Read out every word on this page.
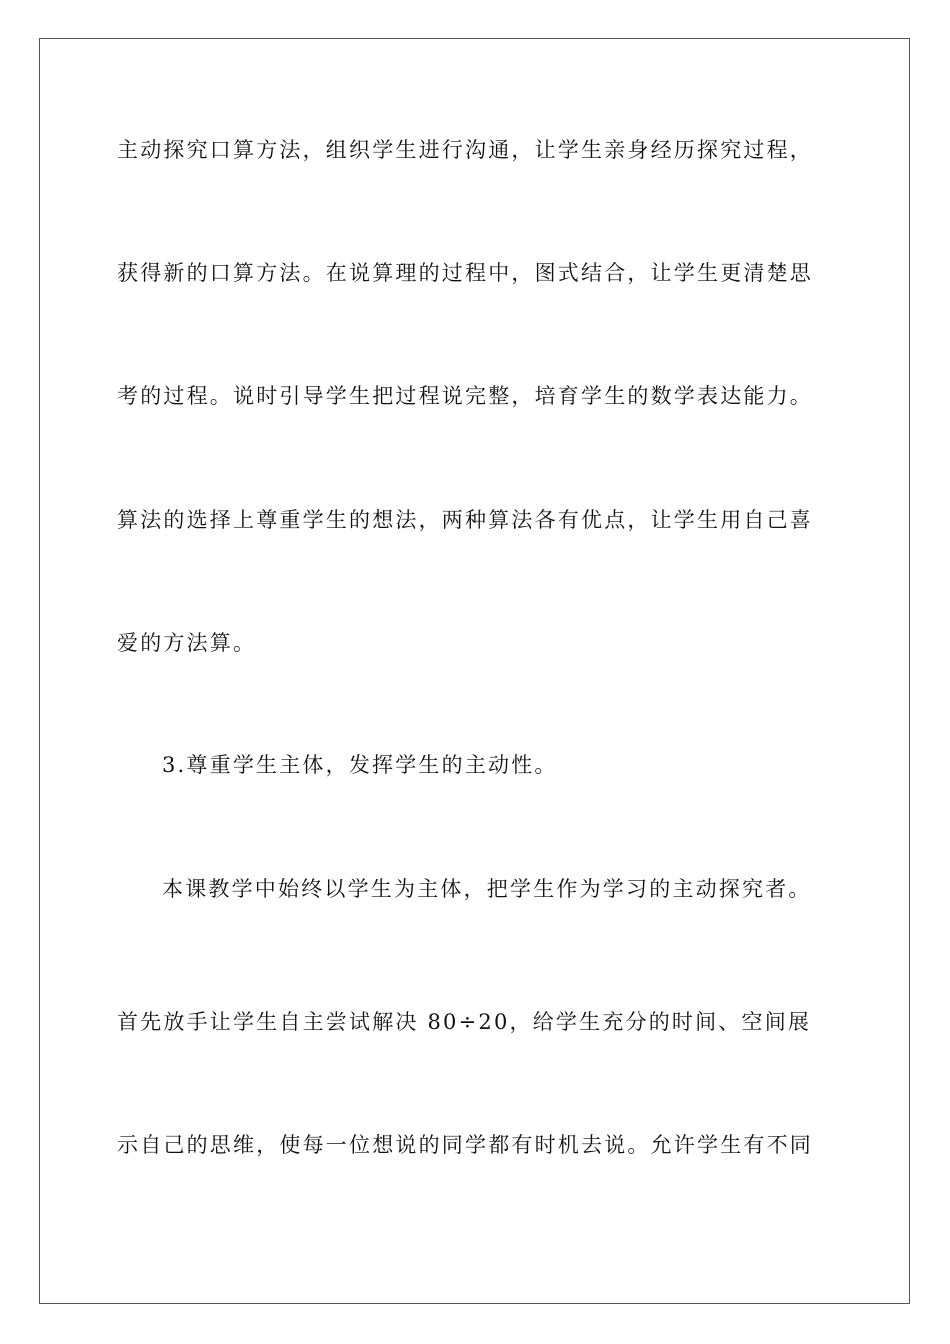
主动探究口算方法，组织学生进行沟通，让学生亲身经历探究过程，
获得新的口算方法。在说算理的过程中，图式结合，让学生更清楚思
考的过程。说时引导学生把过程说完整，培育学生的数学表达能力。
算法的选择上尊重学生的想法，两种算法各有优点，让学生用自己喜
爱的方法算。
3.尊重学生主体，发挥学生的主动性。
本课教学中始终以学生为主体，把学生作为学习的主动探究者。
首先放手让学生自主尝试解决 80÷20，给学生充分的时间、空间展
示自己的思维，使每一位想说的同学都有时机去说。允许学生有不同
